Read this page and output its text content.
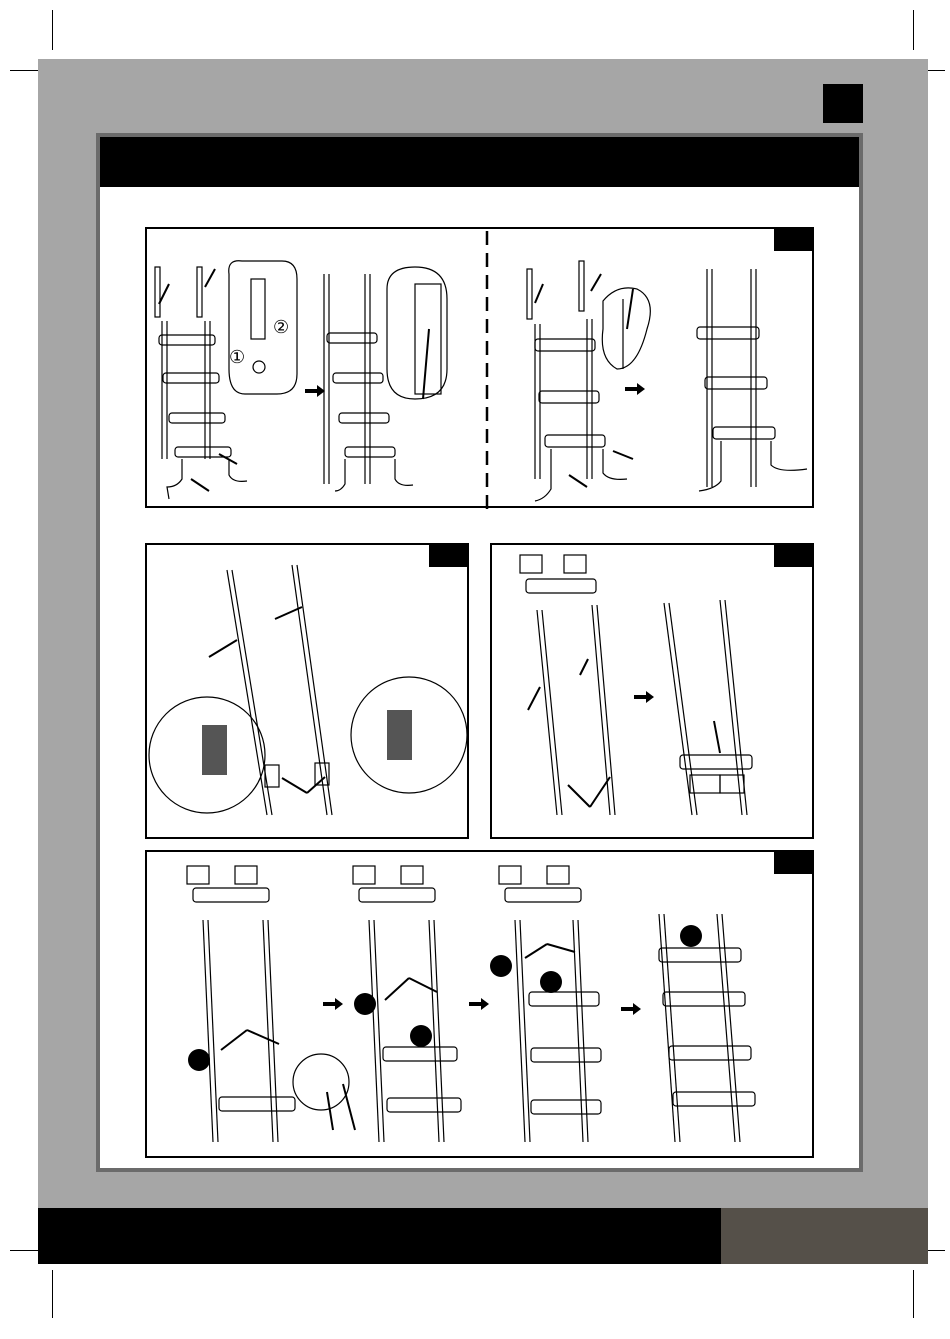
①
②
